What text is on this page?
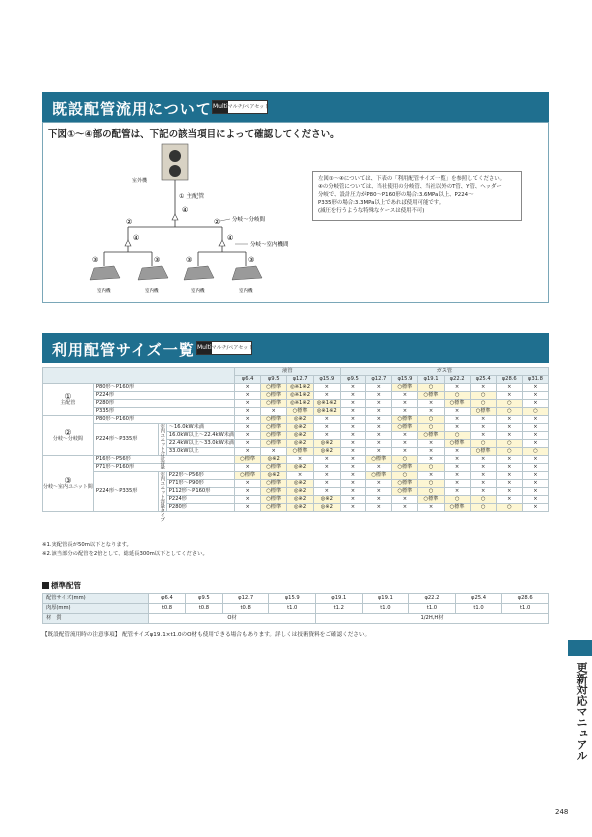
既設配管流用について Multi マルチ/ペアセット
下図①～④部の配管は、下記の該当項目によって確認してください。
室外機
① 主配管
④
②	② 分岐～分岐間
④	④
分岐～室内機間
③	③	③	③
室内機	室内機	室内機	室内機

左図①～④については、下表の「利用配管サイズ一覧」を参照してください。

④の分岐管については、当社使用の分岐管、当社以外のT管、Y管、ヘッダー

分岐で、設計圧力がP80～P160形の場合:3.6MPa以上、P224～

P335形の場合:3.3MPa以上であれば使用可能です。

(減圧を行うような特殊なケースは使用不可)

利用配管サイズ一覧 Multi マルチ/ペアセット
				液管				ガス管							
				φ6.4	φ9.5	φ12.7	φ15.9	φ9.5	φ12.7	φ15.9	φ19.1	φ22.2	φ25.4	φ28.6	φ31.8

①
主配管	P80形～P160形			×	○標準	◎※1※2	×	×	×	○標準	○	×	×	×	×
	P224形			×	○標準	◎※1※2	×	×	×	×	○標準	○	○	×	×
	P280形			×	○標準	◎※1※2	◎※1※2	×	×	×	×	○標準	○	○	×
	P335形			×	×	○標準	◎※1※2	×	×	×	×	×	○標準	○	○

②
分岐～分岐間	P80形～P160形			×	○標準	◎※2	×	×	×	○標準	○	×	×	×	×
	P224形～P335形	室内ユニット合計容量	～16.0kW未満	×	○標準	◎※2	×	×	×	○標準	○	×	×	×	×
			16.0kW以上～22.4kW未満	×	○標準	◎※2	×	×	×	×	○標準	○	×	×	×
			22.4kW以上～33.0kW未満	×	○標準	◎※2	◎※2	×	×	×	×	○標準	○	○	×
			33.0kW以上	×	×	○標準	◎※2	×	×	×	×	×	○標準	○	○

③
分岐～室内ユニット間	P16形～P56形			○標準	◎※2	×	×	×	○標準	○	×	×	×	×	×
	P71形～P160形			×	○標準	◎※2	×	×	×	○標準	○	×	×	×	×
	P224形～P335形	室内ユニット容量タイプ	P22形～P56形	○標準	◎※2	×	×	×	○標準	○	×	×	×	×	×
			P71形～P90形	×	○標準	◎※2	×	×	×	○標準	○	×	×	×	×
			P112形～P160形	×	○標準	◎※2	×	×	×	○標準	○	×	×	×	×
			P224形	×	○標準	◎※2	◎※2	×	×	×	○標準	○	○	×	×
			P280形	×	○標準	◎※2	◎※2	×	×	×	×	○標準	○	○	×
※1.実配管長が50m以下となります。
※2.該当部分の配管を2倍として、総延長300m以下としてください。
標準配管
配管サイズ(mm)	φ6.4	φ9.5	φ12.7	φ15.9	φ19.1	φ19.1	φ22.2	φ25.4	φ28.6
肉厚(mm)	t0.8	t0.8	t0.8	t1.0	t1.2	t1.0	t1.0	t1.0	t1.0
材　質	O材				1/2H,H材				
【既設配管流用時の注意事項】 配管サイズφ19.1×t1.0のO材も使用できる場合もあります。詳しくは技術資料をご確認ください。
更新対応マニュアル
248
